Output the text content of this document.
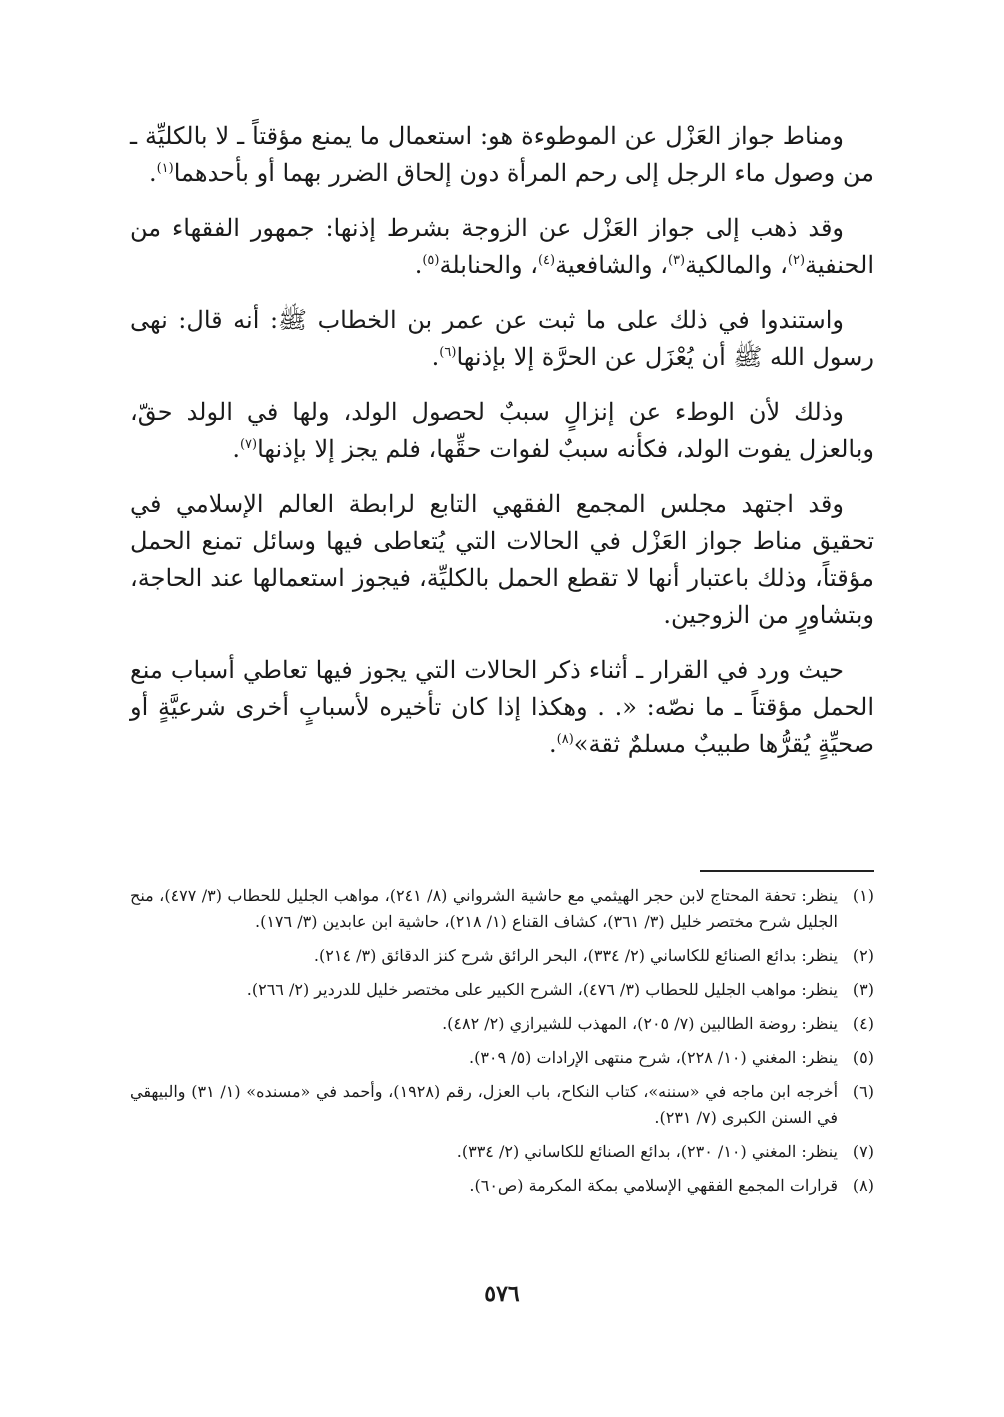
ومناط جواز العَزْل عن الموطوءة هو: استعمال ما يمنع مؤقتاً ـ لا بالكليِّة ـ من وصول ماء الرجل إلى رحم المرأة دون إلحاق الضرر بهما أو بأحدهما$^{(١)}$.

وقد ذهب إلى جواز العَزْل عن الزوجة بشرط إذنها: جمهور الفقهاء من الحنفية$^{(٢)}$، والمالكية$^{(٣)}$، والشافعية$^{(٤)}$، والحنابلة$^{(٥)}$.

واستندوا في ذلك على ما ثبت عن عمر بن الخطاب ﷺ: أنه قال: نهى رسول الله ﷺ أن يُعْزَل عن الحرَّة إلا بإذنها$^{(٦)}$.

وذلك لأن الوطء عن إنزالٍ سببٌ لحصول الولد، ولها في الولد حقّ، وبالعزل يفوت الولد، فكأنه سببٌ لفوات حقِّها، فلم يجز إلا بإذنها$^{(٧)}$.

وقد اجتهد مجلس المجمع الفقهي التابع لرابطة العالم الإسلامي في تحقيق مناط جواز العَزْل في الحالات التي يُتعاطى فيها وسائل تمنع الحمل مؤقتاً، وذلك باعتبار أنها لا تقطع الحمل بالكليِّة، فيجوز استعمالها عند الحاجة، وبتشاورٍ من الزوجين.

حيث ورد في القرار ـ أثناء ذكر الحالات التي يجوز فيها تعاطي أسباب منع الحمل مؤقتاً ـ ما نصّه: «. . وهكذا إذا كان تأخيره لأسبابٍ أخرى شرعيَّةٍ أو صحيِّةٍ يُقرُّها طبيبٌ مسلمٌ ثقة»$^{(٨)}$.

(١)
ينظر: تحفة المحتاج لابن حجر الهيثمي مع حاشية الشرواني (٨/ ٢٤١)، مواهب الجليل للحطاب (٣/ ٤٧٧)، منح الجليل شرح مختصر خليل (٣/ ٣٦١)، كشاف القناع (١/ ٢١٨)، حاشية ابن عابدين (٣/ ١٧٦).
(٢)
ينظر: بدائع الصنائع للكاساني (٢/ ٣٣٤)، البحر الرائق شرح كنز الدقائق (٣/ ٢١٤).
(٣)
ينظر: مواهب الجليل للحطاب (٣/ ٤٧٦)، الشرح الكبير على مختصر خليل للدردير (٢/ ٢٦٦).
(٤)
ينظر: روضة الطالبين (٧/ ٢٠٥)، المهذب للشيرازي (٢/ ٤٨٢).
(٥)
ينظر: المغني (١٠/ ٢٢٨)، شرح منتهى الإرادات (٥/ ٣٠٩).
(٦)
أخرجه ابن ماجه في «سننه»، كتاب النكاح، باب العزل، رقم (١٩٢٨)، وأحمد في «مسنده» (١/ ٣١) والبيهقي في السنن الكبرى (٧/ ٢٣١).
(٧)
ينظر: المغني (١٠/ ٢٣٠)، بدائع الصنائع للكاساني (٢/ ٣٣٤).
(٨)
قرارات المجمع الفقهي الإسلامي بمكة المكرمة (ص٦٠).
٥٧٦
